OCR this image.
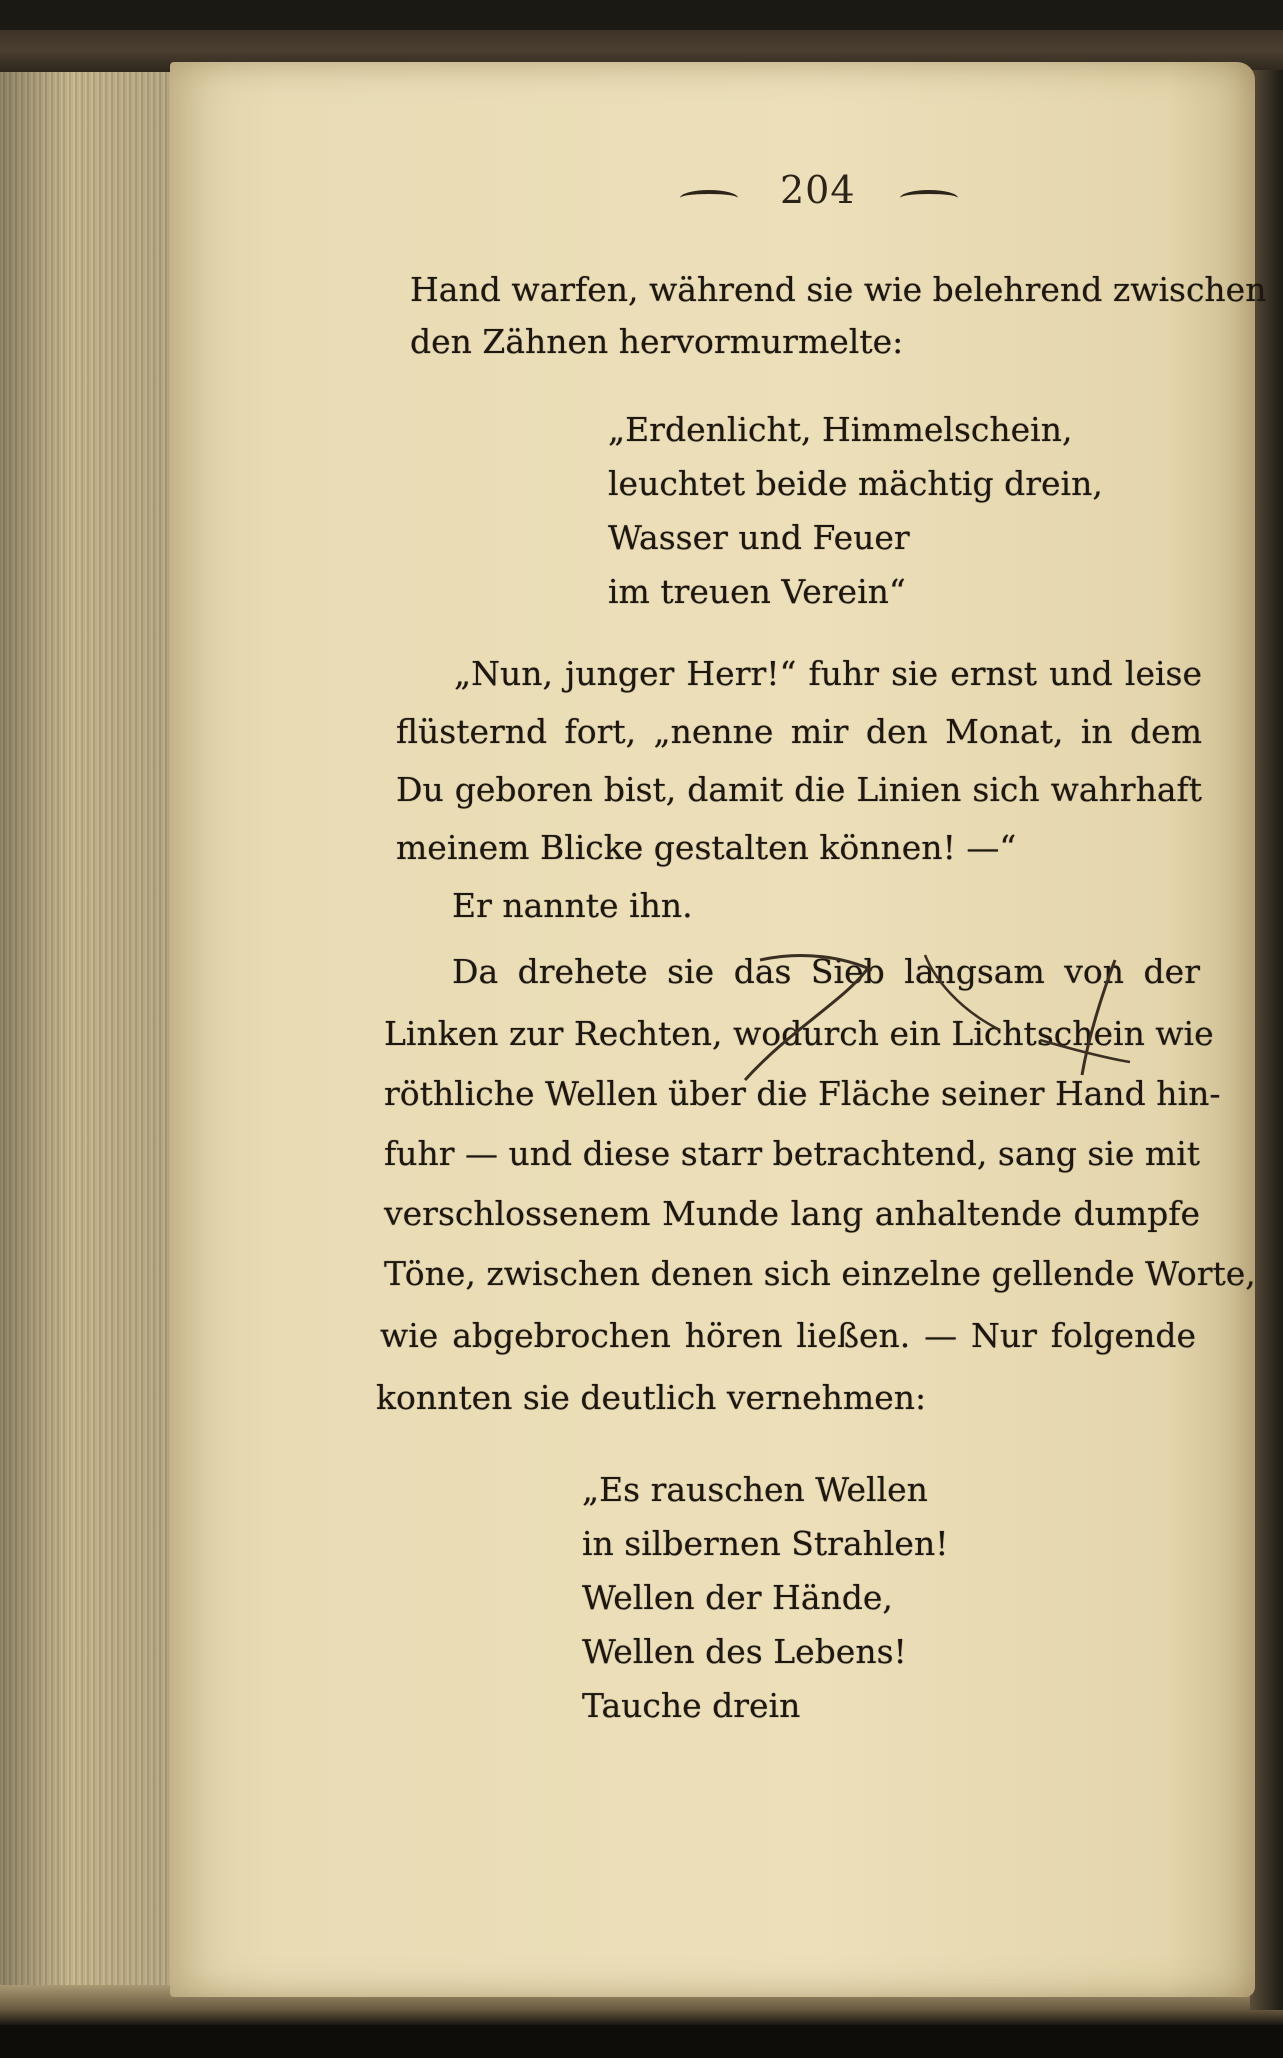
204
Hand warfen, während sie wie belehrend zwischen
den Zähnen hervormurmelte:
„Erdenlicht, Himmelschein,
leuchtet beide mächtig drein,
Wasser und Feuer
im treuen Verein“
„Nun, junger Herr!“ fuhr sie ernst und leise
flüsternd fort, „nenne mir den Monat, in dem
Du geboren bist, damit die Linien sich wahrhaft
meinem Blicke gestalten können! —“
Er nannte ihn.
Da drehete sie das Sieb langsam von der
Linken zur Rechten, wodurch ein Lichtschein wie
röthliche Wellen über die Fläche seiner Hand hin-
fuhr — und diese starr betrachtend, sang sie mit
verschlossenem Munde lang anhaltende dumpfe
Töne, zwischen denen sich einzelne gellende Worte,
wie abgebrochen hören ließen. — Nur folgende
konnten sie deutlich vernehmen:
„Es rauschen Wellen
in silbernen Strahlen!
Wellen der Hände,
Wellen des Lebens!
Tauche drein
